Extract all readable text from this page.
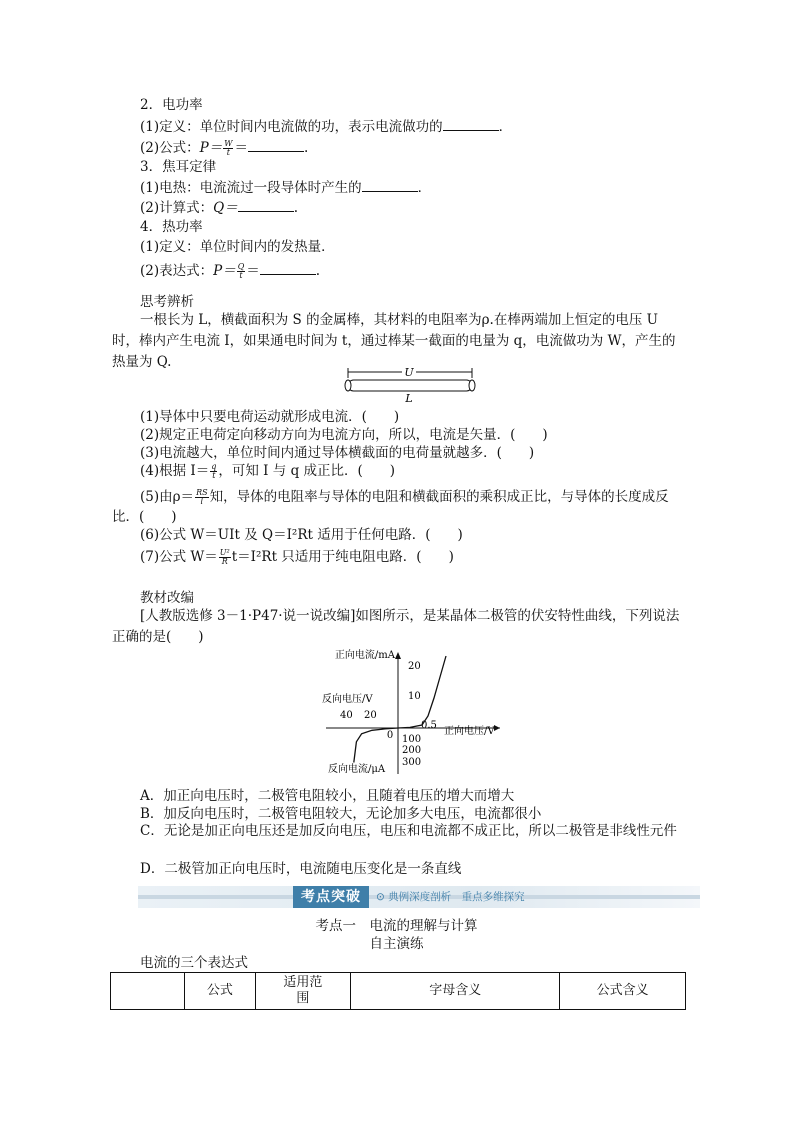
2．电功率
(1)定义：单位时间内电流做的功，表示电流做功的	．
(2)公式：$P= \frac{W}{t}$ ＝	.
3．焦耳定律
(1)电热：电流流过一段导体时产生的	．
(2)计算式：Q＝	.
4．热功率
(1)定义：单位时间内的发热量．
(2)表达式：$P= \frac{Q}{t}$ ＝	.
思考辨析
一根长为 L，横截面积为 S 的金属棒，其材料的电阻率为ρ.在棒两端加上恒定的电压 U 时，棒内产生电流 I，如果通电时间为 t，通过棒某一截面的电量为 q，电流做功为 W，产生的热量为 Q.
U
L
(1)导体中只要电荷运动就形成电流．(　　)
(2)规定正电荷定向移动方向为电流方向，所以，电流是矢量．(　　)
(3)电流越大，单位时间内通过导体横截面的电荷量就越多．(　　)
(4)根据 $I= \frac{q}{t}$ ，可知 I 与 q 成正比．(　　)
(5)由$\rho= \frac{RS}{l}$ 知，导体的电阻率与导体的电阻和横截面积的乘积成正比，与导体的长度成反
比．(　　)
(6)公式 W＝UIt 及 Q＝I²Rt 适用于任何电路．(　　)
(7)公式 $W= \frac{\text{U²}}{R} t=I^2Rt$ 只适用于纯电阻电路．(　　)
教材改编
[人教版选修 3－1·P47·说一说改编]如图所示，是某晶体二极管的伏安特性曲线，下列说法正确的是(　　)
正向电流/mA
反向电压/V
正向电压/V
反向电流/μA
0
20
10
40 20
0.5
100
200
300
A．加正向电压时，二极管电阻较小，且随着电压的增大而增大
B．加反向电压时，二极管电阻较大，无论加多大电压，电流都很小
C．无论是加正向电压还是加反向电压，电压和电流都不成正比，所以二极管是非线性元件
D．二极管加正向电压时，电流随电压变化是一条直线
考点突破	⊙ 典例深度剖析　重点多维探究
考点一　电流的理解与计算
自主演练
电流的三个表达式
	公式	适用范围	字母含义	公式含义
